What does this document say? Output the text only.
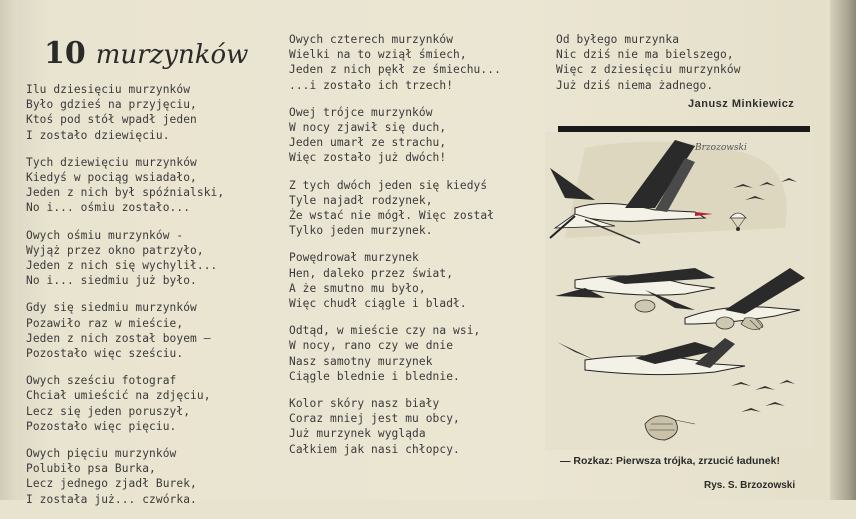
10 murzynków
Ilu dziesięciu murzynków
Było gdzieś na przyjęciu,
Ktoś pod stół wpadł jeden
I zostało dziewięciu.
Tych dziewięciu murzynków
Kiedyś w pociąg wsiadało,
Jeden z nich był spóźnialski,
No i... ośmiu zostało...
Owych ośmiu murzynków -
Wyjąż przez okno patrzyło,
Jeden z nich się wychylił...
No i... siedmiu już było.
Gdy się siedmiu murzynków
Pozawiło raz w mieście,
Jeden z nich został boyem —
Pozostało więc sześciu.
Owych sześciu fotograf
Chciał umieścić na zdjęciu,
Lecz się jeden poruszył,
Pozostało więc pięciu.
Owych pięciu murzynków
Polubiło psa Burka,
Lecz jednego zjadł Burek,
I została już... czwórka.
Owych czterech murzynków
Wielki na to wziął śmiech,
Jeden z nich pękł ze śmiechu...
...i zostało ich trzech!
Owej trójce murzynków
W nocy zjawił się duch,
Jeden umarł ze strachu,
Więc zostało już dwóch!
Z tych dwóch jeden się kiedyś
Tyle najadł rodzynek,
Że wstać nie mógł. Więc został
Tylko jeden murzynek.
Powędrował murzynek
Hen, daleko przez świat,
A że smutno mu było,
Więc chudł ciągle i bladł.
Odtąd, w mieście czy na wsi,
W nocy, rano czy we dnie
Nasz samotny murzynek
Ciągle blednie i blednie.
Kolor skóry nasz biały
Coraz mniej jest mu obcy,
Już murzynek wygląda
Całkiem jak nasi chłopcy.
Od byłego murzynka
Nic dziś nie ma bielszego,
Więc z dziesięciu murzynków
Już dziś niema żadnego.
Janusz Minkiewicz
Brzozowski
— Rozkaz: Pierwsza trójka, zrzucić ładunek!
Rys. S. Brzozowski
